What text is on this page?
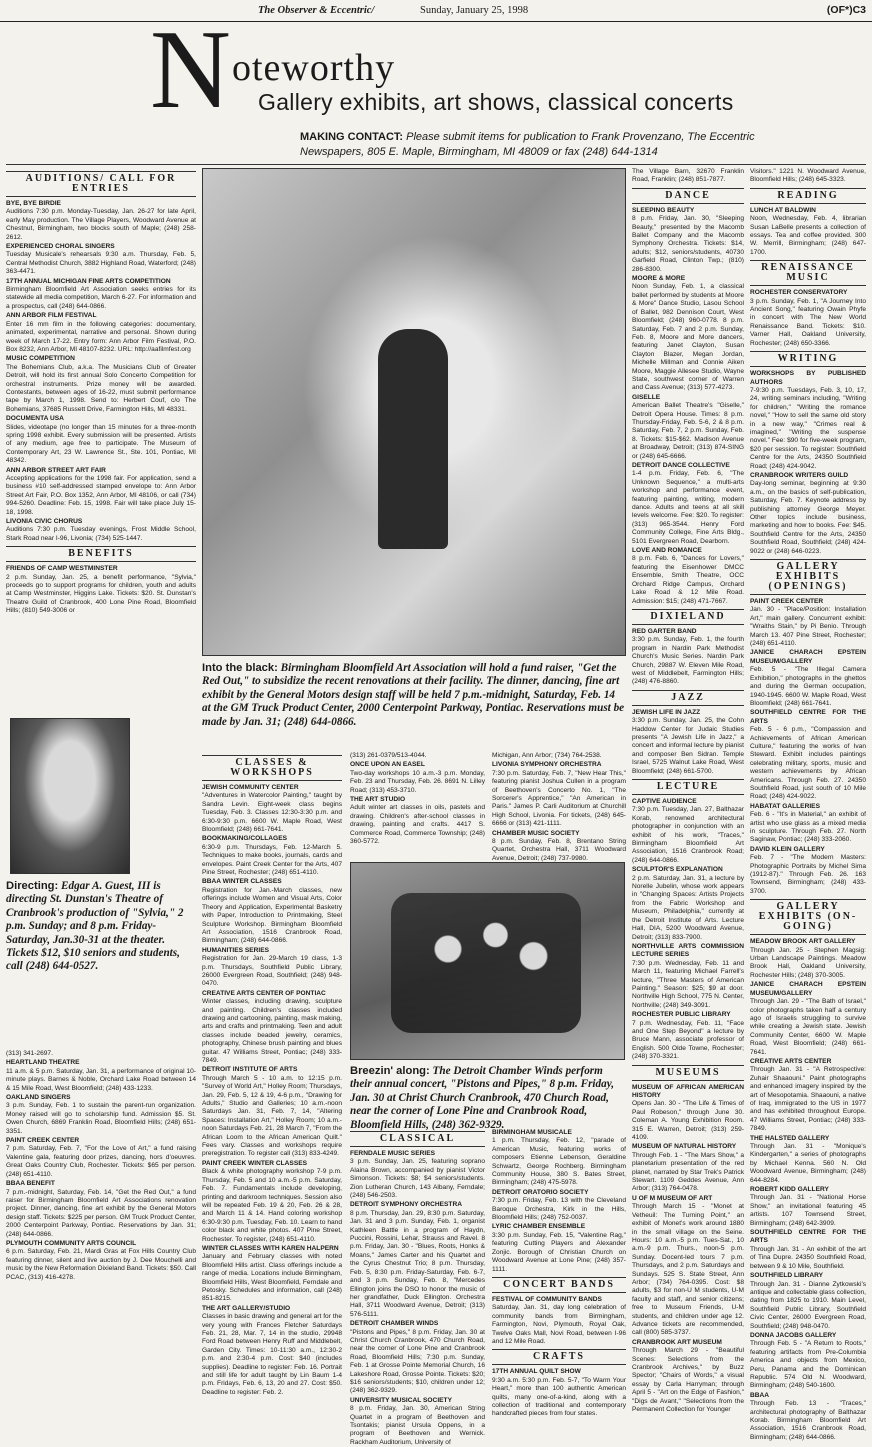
The Observer & Eccentric/	Sunday, January 25, 1998	(OF*)C3
N oteworthy
Gallery exhibits, art shows, classical concerts
MAKING CONTACT: Please submit items for publication to Frank Provenzano, The Eccentric Newspapers, 805 E. Maple, Birmingham, MI 48009 or fax (248) 644-1314
AUDITIONS/ CALL FOR ENTRIES
BYE, BYE BIRDIE

Auditions 7:30 p.m. Monday-Tuesday, Jan. 26-27 for late April, early May production. The Village Players, Woodward Avenue at Chestnut, Birmingham, two blocks south of Maple; (248) 258-2612.

EXPERIENCED CHORAL SINGERS

Tuesday Musicale's rehearsals 9:30 a.m. Thursday, Feb. 5, Central Methodist Church, 3882 Highland Road, Waterford; (248) 363-4471.

17TH ANNUAL MICHIGAN FINE ARTS COMPETITION

Birmingham Bloomfield Art Association seeks entries for its statewide all media competition, March 6-27. For information and a prospectus, call (248) 644-0866.

ANN ARBOR FILM FESTIVAL

Enter 16 mm film in the following categories: documentary, animated, experimental, narrative and personal. Shown during week of March 17-22. Entry form: Ann Arbor Film Festival, P.O. Box 8232, Ann Arbor, MI 48107-8232. URL: http://aafilmfest.org

MUSIC COMPETITION

The Bohemians Club, a.k.a. The Musicians Club of Greater Detroit, will hold its first annual Solo Concerto Competition for orchestral instruments. Prize money will be awarded. Contestants, between ages of 16-22, must submit performance tape by March 1, 1998. Send to: Herbert Couf, c/o The Bohemians, 37685 Russett Drive, Farmington Hills, MI 48331.

DOCUMENTA USA

Slides, videotape (no longer than 15 minutes for a three-month spring 1998 exhibit. Every submission will be presented. Artists of any medium, age free to participate. The Museum of Contemporary Art, 23 W. Lawrence St., Ste. 101, Pontiac, MI 48342.

ANN ARBOR STREET ART FAIR

Accepting applications for the 1998 fair. For application, send a business #10 self-addressed stamped envelope to: Ann Arbor Street Art Fair, P.O. Box 1352, Ann Arbor, MI 48106, or call (734) 994-5260. Deadline: Feb. 15, 1998. Fair will take place July 15-18, 1998.

LIVONIA CIVIC CHORUS

Auditions 7:30 p.m. Tuesday evenings, Frost Middle School, Stark Road near I-96, Livonia; (734) 525-1447.

BENEFITS
FRIENDS OF CAMP WESTMINSTER

2 p.m. Sunday, Jan. 25, a benefit performance, "Sylvia," proceeds go to support programs for children, youth and adults at Camp Westminster, Higgins Lake. Tickets: $20. St. Dunstan's Theatre Guild of Cranbrook, 400 Lone Pine Road, Bloomfield Hills; (810) 549-3006 or

Directing: Edgar A. Guest, III is directing St. Dunstan's Theatre of Cranbrook's production of "Sylvia," 2 p.m. Sunday; and 8 p.m. Friday-Saturday, Jan.30-31 at the theater. Tickets $12, $10 seniors and students, call (248) 644-0527.

(313) 341-2697.

HEARTLAND THEATRE

11 a.m. & 5 p.m. Saturday, Jan. 31, a performance of original 10-minute plays. Barnes & Noble, Orchard Lake Road between 14 & 15 Mile Road, West Bloomfield; (248) 433-1233.

OAKLAND SINGERS

3 p.m. Sunday, Feb. 1 to sustain the parent-run organization. Money raised will go to scholarship fund. Admission $5. St. Owen Church, 6869 Franklin Road, Bloomfield Hills; (248) 651-3351.

PAINT CREEK CENTER

7 p.m. Saturday, Feb. 7, "For the Love of Art," a fund raising Valentine gala, featuring door prizes, dancing, hors d'oeuvres. Great Oaks Country Club, Rochester. Tickets: $65 per person. (248) 651-4110.

BBAA BENEFIT

7 p.m.-midnight, Saturday, Feb. 14, "Get the Red Out," a fund raiser for Birmingham Bloomfield Art Associations renovation project. Dinner, dancing, fine art exhibit by the General Motors design staff. Tickets: $225 per person. GM Truck Product Center, 2000 Centerpoint Parkway, Pontiac. Reservations by Jan. 31; (248) 644-0866.

PLYMOUTH COMMUNITY ARTS COUNCIL

6 p.m. Saturday, Feb. 21, Mardi Gras at Fox Hills Country Club featuring dinner, silent and live auction by J. Dee Mouchelli and music by the New Reformation Dixieland Band. Tickets: $50. Call PCAC, (313) 416-4278.

Into the black: Birmingham Bloomfield Art Association will hold a fund raiser, "Get the Red Out," to subsidize the recent renovations at their facility. The dinner, dancing, fine art exhibit by the General Motors design staff will be held 7 p.m.-midnight, Saturday, Feb. 14 at the GM Truck Product Center, 2000 Centerpoint Parkway, Pontiac. Reservations must be made by Jan. 31; (248) 644-0866.
CLASSES & WORKSHOPS
JEWISH COMMUNITY CENTER

"Adventures in Watercolor Painting," taught by Sandra Levin. Eight-week class begins Tuesday, Feb. 3. Classes 12:30-3:30 p.m. and 6:30-9:30 p.m. 6600 W. Maple Road, West Bloomfield; (248) 661-7641.

BOOKMAKING/COLLAGES

6:30-9 p.m. Thursdays, Feb. 12-March 5. Techniques to make books, journals, cards and envelopes. Paint Creek Center for the Arts, 407 Pine Street, Rochester; (248) 651-4110.

BBAA WINTER CLASSES

Registration for Jan.-March classes, new offerings include Women and Visual Arts, Color Theory and Application, Experimental Basketry with Paper, Introduction to Printmaking, Steel Sculpture Workshop. Birmingham Bloomfield Art Association, 1516 Cranbrook Road, Birmingham; (248) 644-0866.

HUMANITIES SERIES

Registration for Jan. 29-March 19 class, 1-3 p.m. Thursdays, Southfield Public Library, 26000 Evergreen Road, Southfield; (248) 948-0470.

CREATIVE ARTS CENTER OF PONTIAC

Winter classes, including drawing, sculpture and painting. Children's classes included drawing and cartooning, painting, mask making, arts and crafts and printmaking. Teen and adult classes include beaded jewelry, ceramics, photography, Chinese brush painting and blues guitar. 47 Williams Street, Pontiac; (248) 333-7849.

DETROIT INSTITUTE OF ARTS

Through March 5 - 10 a.m. to 12:15 p.m. "Survey of World Art," Holley Room; Thursdays, Jan. 29, Feb. 5, 12 & 19, 4-6 p.m., "Drawing for Adults," Studio and Galleries; 10 a.m.-noon Saturdays Jan. 31, Feb. 7, 14, "Altering Spaces: Installation Art," Holley Room; 10 a.m.-noon Saturdays Feb. 21, 28 March 7, "From the African Loom to the African American Quilt." Fees vary. Classes and workshops require preregistration. To register call (313) 833-4249.

PAINT CREEK WINTER CLASSES

Black & white photography workshop 7-9 p.m. Thursday, Feb. 5 and 10 a.m.-5 p.m. Saturday, Feb. 7. Fundamentals include developing, printing and darkroom techniques. Session also will be repeated Feb. 19 & 20, Feb. 26 & 28, and March 11 & 14. Hand coloring workshop 6:30-9:30 p.m. Tuesday, Feb. 10. Learn to hand color black and white photos. 407 Pine Street, Rochester. To register, (248) 651-4110.

WINTER CLASSES WITH KAREN HALPERN

January and February classes with noted Bloomfield Hills artist. Class offerings include a range of media. Locations include Birmingham, Bloomfield Hills, West Bloomfield, Ferndale and Petosky. Schedules and information, call (248) 851-8215.

THE ART GALLERY/STUDIO

Classes in basic drawing and general art for the very young with Frances Fletcher Saturdays Feb. 21, 28, Mar. 7, 14 in the studio, 29948 Ford Road between Henry Ruff and Middlebelt, Garden City. Times: 10-11:30 a.m., 12:30-2 p.m. and 2:30-4 p.m. Cost: $40 (includes supplies). Deadline to register: Feb. 16. Portrait and still life for adult taught by Lin Baum 1-4 p.m. Fridays, Feb. 6, 13, 20 and 27. Cost: $50. Deadline to register: Feb. 2.

(313) 261-0379/513-4044.

ONCE UPON AN EASEL

Two-day workshops 10 a.m.-3 p.m. Monday, Feb. 23 and Thursday, Feb. 26. 8691 N. Lilley Road; (313) 453-3710.

THE ART STUDIO

Adult winter art classes in oils, pastels and drawing. Children's after-school classes in drawing, painting and crafts. 4417 S. Commerce Road, Commerce Township; (248) 360-5772.

Michigan, Ann Arbor; (734) 764-2538.

LIVONIA SYMPHONY ORCHESTRA

7:30 p.m. Saturday, Feb. 7, "New Hear This," featuring pianist Joshua Cullen in a program of Beethoven's Concerto No. 1, "The Sorcerer's Apprentice," "An American in Paris." James P. Carli Auditorium at Churchill High School, Livonia. For tickets, (248) 645-6666 or (313) 421-1111.

CHAMBER MUSIC SOCIETY

8 p.m. Sunday, Feb. 8, Brentano String Quartet, Orchestra Hall, 3711 Woodward Avenue, Detroit; (248) 737-9980.

Breezin' along: The Detroit Chamber Winds perform their annual concert, "Pistons and Pipes," 8 p.m. Friday, Jan. 30 at Christ Church Cranbrook, 470 Church Road, near the corner of Lone Pine and Cranbrook Road, Bloomfield Hills, (248) 362-9329.
CLASSICAL
FERNDALE MUSIC SERIES

3 p.m. Sunday, Jan. 25, featuring soprano Alaina Brown, accompanied by pianist Victor Simonson. Tickets: $8; $4 seniors/students. Zion Lutheran Church, 143 Albany, Ferndale; (248) 546-2503.

DETROIT SYMPHONY ORCHESTRA

8 p.m. Thursday, Jan. 29, 8:30 p.m. Saturday, Jan. 31 and 3 p.m. Sunday, Feb. 1, organist Kathleen Battle in a program of Haydn, Puccini, Rossini, Lehar, Strauss and Ravel. 8 p.m. Friday, Jan. 30 - "Blues, Roots, Honks & Moans," James Carter and his Quartet and the Cyrus Chestnut Trio; 8 p.m. Thursday, Feb. 5, 8:30 p.m. Friday-Saturday, Feb. 6-7, and 3 p.m. Sunday, Feb. 8, "Mercedes Ellington joins the DSO to honor the music of her grandfather, Duck Ellington. Orchestra Hall, 3711 Woodward Avenue, Detroit; (313) 576-5111.

DETROIT CHAMBER WINDS

"Pistons and Pipes," 8 p.m. Friday, Jan. 30 at Christ Church Cranbrook, 470 Church Road, near the corner of Lone Pine and Cranbrook Road, Bloomfield Hills; 7:30 p.m. Sunday, Feb. 1 at Grosse Pointe Memorial Church, 16 Lakeshore Road, Grosse Pointe. Tickets: $20; $16 seniors/students; $10, children under 12; (248) 362-9329.

UNIVERSITY MUSICAL SOCIETY

8 p.m. Friday, Jan. 30, American String Quartet in a program of Beethoven and Tsontakis; pianist Ursula Oppens, in a program of Beethoven and Wernick. Rackham Auditorium, University of

BIRMINGHAM MUSICALE

1 p.m. Thursday, Feb. 12, "parade of American Music, featuring works of composers Etienne Lebenson, Geraldine Schwartz, George Rochberg. Birmingham Community House, 380 S. Bates Street, Birmingham; (248) 475-5978.

DETROIT ORATORIO SOCIETY

7:30 p.m. Friday, Feb. 13 with the Cleveland Baroque Orchestra, Kirk in the Hills, Bloomfield Hills; (248) 752-0037.

LYRIC CHAMBER ENSEMBLE

3:30 p.m. Sunday, Feb. 15, "Valentine Rag," featuring Cutting Players and Alexander Zonjic. Borough of Christian Church on Woodward Avenue at Lone Pine; (248) 357-1111.

CONCERT BANDS
FESTIVAL OF COMMUNITY BANDS

Saturday, Jan. 31, day long celebration of community bands from Birmingham, Farmington, Novi, Plymouth, Royal Oak, Twelve Oaks Mall, Novi Road, between I-96 and 12 Mile Road.

CRAFTS
17TH ANNUAL QUILT SHOW

9:30 a.m. 5:30 p.m. Feb. 5-7, "To Warm Your Heart," more than 100 authentic American quilts, many one-of-a-kind, along with a collection of traditional and contemporary handcrafted pieces from four states.

The Village Barn, 32670 Franklin Road, Franklin; (248) 851-7877.

DANCE
SLEEPING BEAUTY

8 p.m. Friday, Jan. 30, "Sleeping Beauty," presented by the Macomb Ballet Company and the Macomb Symphony Orchestra. Tickets: $14, adults; $12, seniors/students, 40730 Garfield Road, Clinton Twp.; (810) 286-8300.

MOORE & MORE

Noon Sunday, Feb. 1, a classical ballet performed by students at Moore & More" Dance Studio, Lasou School of Ballet, 982 Dennison Court, West Bloomfield; (248) 960-0778. 8 p.m. Saturday, Feb. 7 and 2 p.m. Sunday, Feb. 8, Moore and More dancers, featuring Janet Clayton, Susan Clayton Blazer, Megan Jordan, Michelle Millman and Connie Aiken Moore, Maggie Allesee Studio, Wayne State, southwest corner of Warren and Cass Avenue; (313) 577-4273.

GISELLE

American Ballet Theatre's "Giselle," Detroit Opera House. Times: 8 p.m. Thursday-Friday, Feb. 5-6, 2 & 8 p.m. Saturday, Feb. 7, 2 p.m. Sunday, Feb. 8. Tickets: $15-$62. Madison Avenue at Broadway, Detroit; (313) 874-SING or (248) 645-6666.

DETROIT DANCE COLLECTIVE

1-4 p.m. Friday, Feb. 6, "The Unknown Sequence," a multi-arts workshop and performance event, featuring painting, writing, modern dance. Adults and teens at all skill levels welcome. Fee: $20. To register: (313) 965-3544. Henry Ford Community College, Fine Arts Bldg., 5101 Evergreen Road, Dearborn.

LOVE AND ROMANCE

8 p.m. Feb. 6, "Dances for Lovers," featuring the Eisenhower DMCC Ensemble, Smith Theatre, OCC Orchard Ridge Campus, Orchard Lake Road & 12 Mile Road. Admission: $15; (248) 471-7667.

DIXIELAND
RED GARTER BAND

3:30 p.m. Sunday, Feb. 1, the fourth program in Nardin Park Methodist Church's Music Series. Nardin Park Church, 29887 W. Eleven Mile Road, west of Middlebelt, Farmington Hills; (248) 476-8860.

JAZZ
JEWISH LIFE IN JAZZ

3:30 p.m. Sunday, Jan. 25, the Cohn Haddow Center for Judaic Studies presents "A Jewish Life in Jazz," a concert and informal lecture by pianist and composer Ben Sidran. Temple Israel, 5725 Walnut Lake Road, West Bloomfield; (248) 661-5700.

LECTURE
CAPTIVE AUDIENCE

7:30 p.m. Tuesday, Jan. 27, Balthazar Korab, renowned architectural photographer in conjunction with an exhibit of his work, "Traces," Birmingham Bloomfield Art Association, 1516 Cranbrook Road; (248) 644-0866.

SCULPTOR'S EXPLANATION

2 p.m. Saturday, Jan. 31, a lecture by Norelle Jubelin, whose work appears in "Changing Spaces: Artists Projects from the Fabric Workshop and Museum, Philadelphia," currently at the Detroit Institute of Arts. Lecture Hall, DIA, 5200 Woodward Avenue, Detroit; (313) 833-7900.

NORTHVILLE ARTS COMMISSION LECTURE SERIES

7:30 p.m. Wednesday, Feb. 11 and March 11, featuring Michael Farrell's lecture, "Three Masters of American Painting." Season: $25; $9 at door. Northville High School, 775 N. Center, Northville; (248) 349-3091.

ROCHESTER PUBLIC LIBRARY

7 p.m. Wednesday, Feb. 11, "Face and One Step Beyond" a lecture by Bruce Mann, associate professor of English. 500 Olde Towne, Rochester; (248) 370-3321.

MUSEUMS
MUSEUM OF AFRICAN AMERICAN HISTORY

Opens Jan. 30 - "The Life & Times of Paul Robeson," through June 30. Coleman A. Young Exhibition Room. 315 E. Warren, Detroit; (313) 259-4109.

MUSEUM OF NATURAL HISTORY

Through Feb. 1 - "The Mars Show," a planetarium presentation of the red planet, narrated by Star Trek's Patrick Stewart. 1109 Geddes Avenue, Ann Arbor; (313) 764-0478.

U OF M MUSEUM OF ART

Through March 15 - "Monet at Vetheuil: The Turning Point," an exhibit of Monet's work around 1880 in the small village on the Seine. Hours: 10 a.m.-5 p.m. Tues-Sat., 10 a.m.-9 p.m. Thurs., noon-5 p.m. Sunday. Docent-led tours 7 p.m. Thursdays, and 2 p.m. Saturdays and Sundays. 525 S. State Street, Ann Arbor; (734) 764-0395. Cost: $8 adults, $3 for non-U M students, U-M faculty and staff, and senior citizens; free to Museum Friends, U-M students, and children under age 12. Advance tickets are recommended, call (800) 585-3737.

CRANBROOK ART MUSEUM

Through March 29 - "Beautiful Scenes: Selections from the Cranbrook Archives," by Buzz Spector; "Chairs of Words," a visual essay by Carla Harryman; through April 5 - "Art on the Edge of Fashion," "Digs de Avant," "Selections from the Permanent Collection for Younger

Visitors." 1221 N. Woodward Avenue, Bloomfield Hills; (248) 645-3323.

READING
LUNCH AT BALDWIN

Noon, Wednesday, Feb. 4, librarian Susan LaBelle presents a collection of essays. Tea and coffee provided. 300 W. Merrill, Birmingham; (248) 647-1700.

RENAISSANCE MUSIC
ROCHESTER CONSERVATORY

3 p.m. Sunday, Feb. 1, "A Journey Into Ancient Song," featuring Owain Phyfe in concert with The New World Renaissance Band. Tickets: $10. Varner Hall, Oakland University, Rochester; (248) 650-3366.

WRITING
WORKSHOPS BY PUBLISHED AUTHORS

7-9:30 p.m. Tuesdays, Feb. 3, 10, 17, 24, writing seminars including, "Writing for children," "Writing the romance novel," "How to sell the same old story in a new way," "Crimes real & imagined," "Writing the suspense novel." Fee: $90 for five-week program, $20 per session. To register: Southfield Centre for the Arts, 24350 Southfield Road; (248) 424-9042.

CRANBROOK WRITERS GUILD

Day-long seminar, beginning at 9:30 a.m., on the basics of self-publication, Saturday, Feb. 7. Keynote address by publishing attorney George Meyer. Other topics include business, marketing and how to books. Fee: $45. Southfield Centre for the Arts, 24350 Southfield Road, Southfield; (248) 424-9022 or (248) 646-0223.

GALLERY EXHIBITS (OPENINGS)
PAINT CREEK CENTER

Jan. 30 - "Place/Position: Installation Art," main gallery. Concurrent exhibit: "Wraiths Stain," by Pi Benio. Through March 13. 407 Pine Street, Rochester; (248) 651-4110.

JANICE CHARACH EPSTEIN MUSEUM/GALLERY

Feb. 5 - "The Illegal Camera Exhibition," photographs in the ghettos and during the German occupation, 1940-1945. 6600 W. Maple Road, West Bloomfield; (248) 661-7641.

SOUTHFIELD CENTRE FOR THE ARTS

Feb. 5 - 6 p.m., "Compassion and Achievements of African American Culture," featuring the works of Ivan Steward. Exhibit includes paintings celebrating military, sports, music and western achievements by African Americans. Through Feb. 27. 24350 Southfield Road, just south of 10 Mile Road; (248) 424-9022.

HABATAT GALLERIES

Feb. 6 - "It's in Material," an exhibit of artist who use glass as a mixed media in sculpture. Through Feb. 27. North Saginaw, Pontiac; (248) 333-2060.

DAVID KLEIN GALLERY

Feb. 7 - "The Modern Masters: Photographic Portraits by Michel Sima (1912-87)." Through Feb. 26. 163 Townsend, Birmingham; (248) 433-3700.

GALLERY EXHIBITS (ON-GOING)
MEADOW BROOK ART GALLERY

Through Jan. 25 - Stephen Magsig: Urban Landscape Paintings. Meadow Brook Hall, Oakland University, Rochester Hills; (248) 370-3005.

JANICE CHARACH EPSTEIN MUSEUM/GALLERY

Through Jan. 29 - "The Bath of Israel," color photographs taken half a century ago of Israelis struggling to survive while creating a Jewish state. Jewish Community Center, 6600 W. Maple Road, West Bloomfield; (248) 661-7641.

CREATIVE ARTS CENTER

Through Jan. 31 - "A Retrospective: Zuhair Shaaouni." Paint photographs and enhanced imagery inspired by the art of Mesopotamia. Shaaouni, a native of Iraq, immigrated to the US in 1977 and has exhibited throughout Europe. 47 Williams Street, Pontiac; (248) 333-7849.

THE HALSTED GALLERY

Through Jan. 31 - "Monique's Kindergarten," a series of photographs by Michael Kenna. 560 N. Old Woodward Avenue, Birmingham; (248) 644-8284.

ROBERT KIDD GALLERY

Through Jan. 31 - "National Horse Show," an invitational featuring 45 artists. 107 Townsend Street, Birmingham; (248) 642-3909.

SOUTHFIELD CENTRE FOR THE ARTS

Through Jan. 31 - An exhibit of the art of Tina Dupre. 24350 Southfield Road, between 9 & 10 Mile, Southfield.

SOUTHFIELD LIBRARY

Through Jan. 31 - Dianne Zytkowski's antique and collectable glass collection, dating from 1825 to 1910. Main Level, Southfield Public Library, Southfield Civic Center, 26000 Evergreen Road, Southfield; (248) 948-0470.

DONNA JACOBS GALLERY

Through Feb. 5 - "A Return to Roots," featuring artifacts from Pre-Columbia America and objects from Mexico, Peru, Panama and the Dominican Republic. 574 Old N. Woodward, Birmingham; (248) 540-1600.

BBAA

Through Feb. 13 - "Traces," architectural photography of Balthazar Korab. Birmingham Bloomfield Art Association, 1516 Cranbrook Road, Birmingham; (248) 644-0866.
